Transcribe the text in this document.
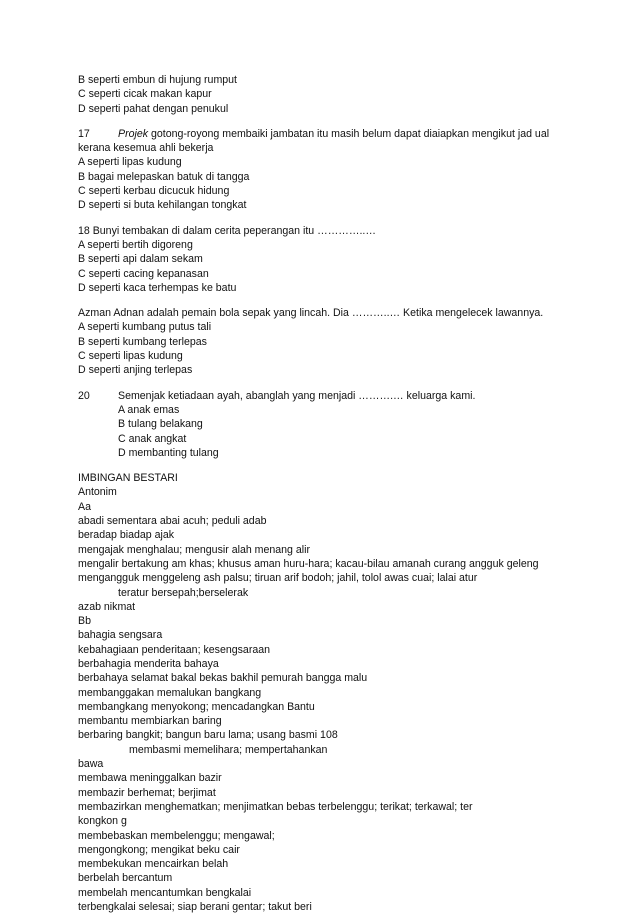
B seperti embun di hujung rumput
C seperti cicak makan kapur
D seperti pahat dengan penukul
17	Projek gotong-royong membaiki jambatan itu masih belum dapat diaiapkan mengikut jad ual
kerana kesemua ahli bekerja
A seperti lipas kudung
B bagai melepaskan batuk di tangga
C seperti kerbau dicucuk hidung
D seperti si buta kehilangan tongkat
18 Bunyi tembakan di dalam cerita peperangan itu …………..…
A seperti bertih digoreng
B seperti api dalam sekam
C seperti cacing kepanasan
D seperti kaca terhempas ke batu
Azman Adnan adalah pemain bola sepak yang lincah. Dia ………..… Ketika mengelecek lawannya.
A seperti kumbang putus tali
B seperti kumbang terlepas
C seperti lipas kudung
D seperti anjing terlepas
20	Semenjak ketiadaan ayah, abanglah yang menjadi ……….… keluarga kami.
A anak emas
B tulang belakang
C anak angkat
D membanting tulang
IMBINGAN BESTARI
Antonim
Aa
abadi sementara abai acuh; peduli adab
beradap biadap ajak
mengajak menghalau; mengusir alah menang alir
mengalir bertakung am khas; khusus aman huru-hara; kacau-bilau amanah curang angguk geleng
mengangguk menggeleng ash palsu; tiruan arif bodoh; jahil, tolol awas cuai; lalai atur
teratur bersepah;berselerak
azab nikmat
Bb
bahagia sengsara
kebahagiaan penderitaan; kesengsaraan
berbahagia menderita bahaya
berbahaya selamat bakal bekas bakhil pemurah bangga malu
membanggakan memalukan bangkang
membangkang menyokong; mencadangkan Bantu
membantu membiarkan baring
berbaring bangkit; bangun baru lama; usang basmi 108
membasmi memelihara; mempertahankan
bawa
membawa meninggalkan bazir
membazir berhemat; berjimat
membazirkan menghematkan; menjimatkan bebas terbelenggu; terikat; terkawal; ter
kongkon g
membebaskan membelenggu; mengawal;
mengongkong; mengikat beku cair
membekukan mencairkan belah
berbelah bercantum
membelah mencantumkan bengkalai
terbengkalai selesai; siap berani gentar; takut beri
